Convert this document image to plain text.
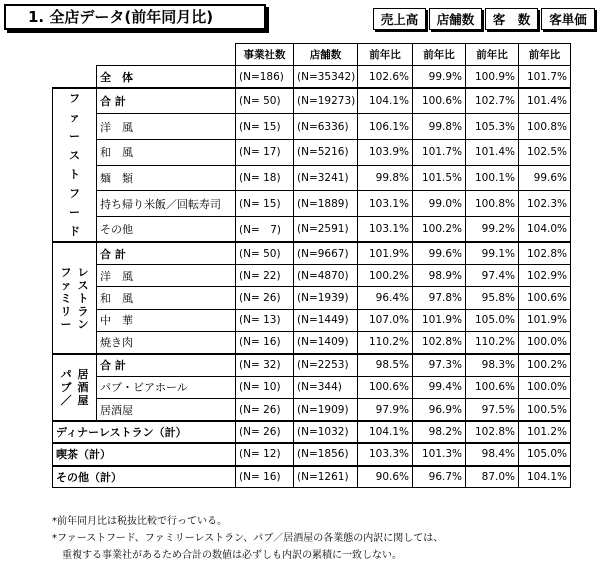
1. 全店データ(前年同月比)	売上高	店舗数	客　数	客単価
		事業社数	店舗数	前年比	前年比	前年比	前年比
	全　体	(N=186)	(N=35342)	102.6%	99.9%	100.9%	101.7%
ファーストフード	合 計	(N= 50)	(N=19273)	104.1%	100.6%	102.7%	101.4%
	洋　風	(N= 15)	(N=6336)	106.1%	99.8%	105.3%	100.8%
	和　風	(N= 17)	(N=5216)	103.9%	101.7%	101.4%	102.5%
	麺　類	(N= 18)	(N=3241)	99.8%	101.5%	100.1%	99.6%
	持ち帰り米飯／回転寿司	(N= 15)	(N=1889)	103.1%	99.0%	100.8%	102.3%
	その他	(N=　7)	(N=2591)	103.1%	100.2%	99.2%	104.0%

ファミリー
レストラン	合 計	(N= 50)	(N=9667)	101.9%	99.6%	99.1%	102.8%
	洋　風	(N= 22)	(N=4870)	100.2%	98.9%	97.4%	102.9%
	和　風	(N= 26)	(N=1939)	96.4%	97.8%	95.8%	100.6%
	中　華	(N= 13)	(N=1449)	107.0%	101.9%	105.0%	101.9%
	焼き肉	(N= 16)	(N=1409)	110.2%	102.8%	110.2%	100.0%

パブ／
居酒屋	合 計	(N= 32)	(N=2253)	98.5%	97.3%	98.3%	100.2%
	パブ・ビアホール	(N= 10)	(N=344)	100.6%	99.4%	100.6%	100.0%
	居酒屋	(N= 26)	(N=1909)	97.9%	96.9%	97.5%	100.5%
ディナーレストラン（計）		(N= 26)	(N=1032)	104.1%	98.2%	102.8%	101.2%
喫茶（計）		(N= 12)	(N=1856)	103.3%	101.3%	98.4%	105.0%
その他（計）		(N= 16)	(N=1261)	90.6%	96.7%	87.0%	104.1%
*前年同月比は税抜比較で行っている。
*ファーストフード、ファミリーレストラン、パブ／居酒屋の各業態の内訳に関しては、
重複する事業社があるため合計の数値は必ずしも内訳の累積に一致しない。
